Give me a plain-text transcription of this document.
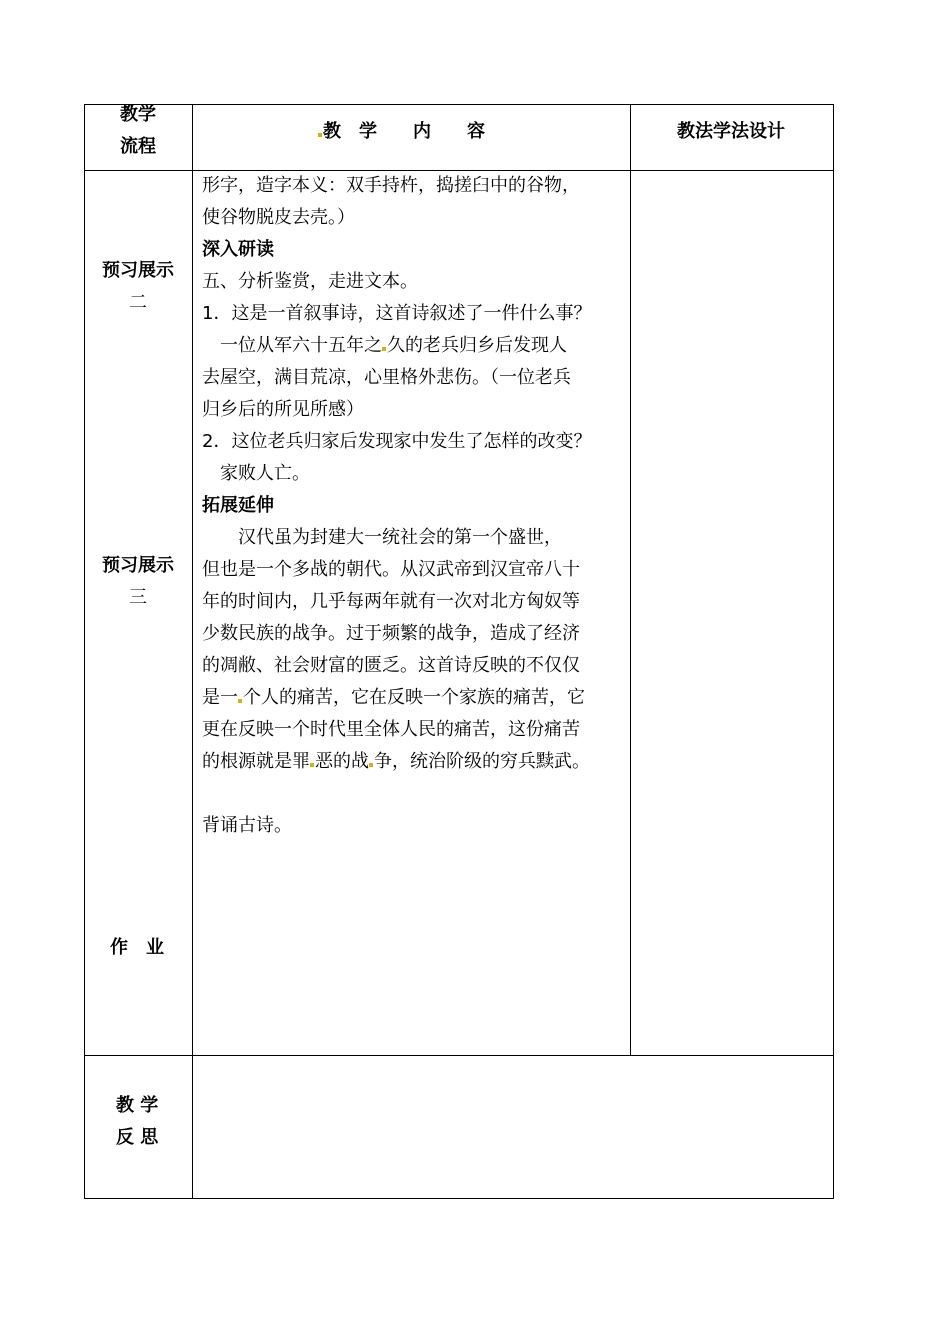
教学
流程
教　学　　内　　容	教法学法设计
预习展示
二
预习展示
三
作　业
教 学
反 思

形字，造字本义：双手持杵，捣搓臼中的谷物，

使谷物脱皮去壳。）

深入研读

五、分析鉴赏，走进文本。

1．这是一首叙事诗，这首诗叙述了一件什么事？

　一位从军六十五年之 久的老兵归乡后发现人

去屋空，满目荒凉，心里格外悲伤。（一位老兵

归乡后的所见所感）

2．这位老兵归家后发现家中发生了怎样的改变？

　家败人亡。

拓展延伸

　　汉代虽为封建大一统社会的第一个盛世，

但也是一个多战的朝代。从汉武帝到汉宣帝八十

年的时间内，几乎每两年就有一次对北方匈奴等

少数民族的战争。过于频繁的战争，造成了经济

的凋敝、社会财富的匮乏。这首诗反映的不仅仅

是一 个人的痛苦，它在反映一个家族的痛苦，它

更在反映一个时代里全体人民的痛苦，这份痛苦

的根源就是罪 恶的战 争，统治阶级的穷兵黩武。

背诵古诗。
